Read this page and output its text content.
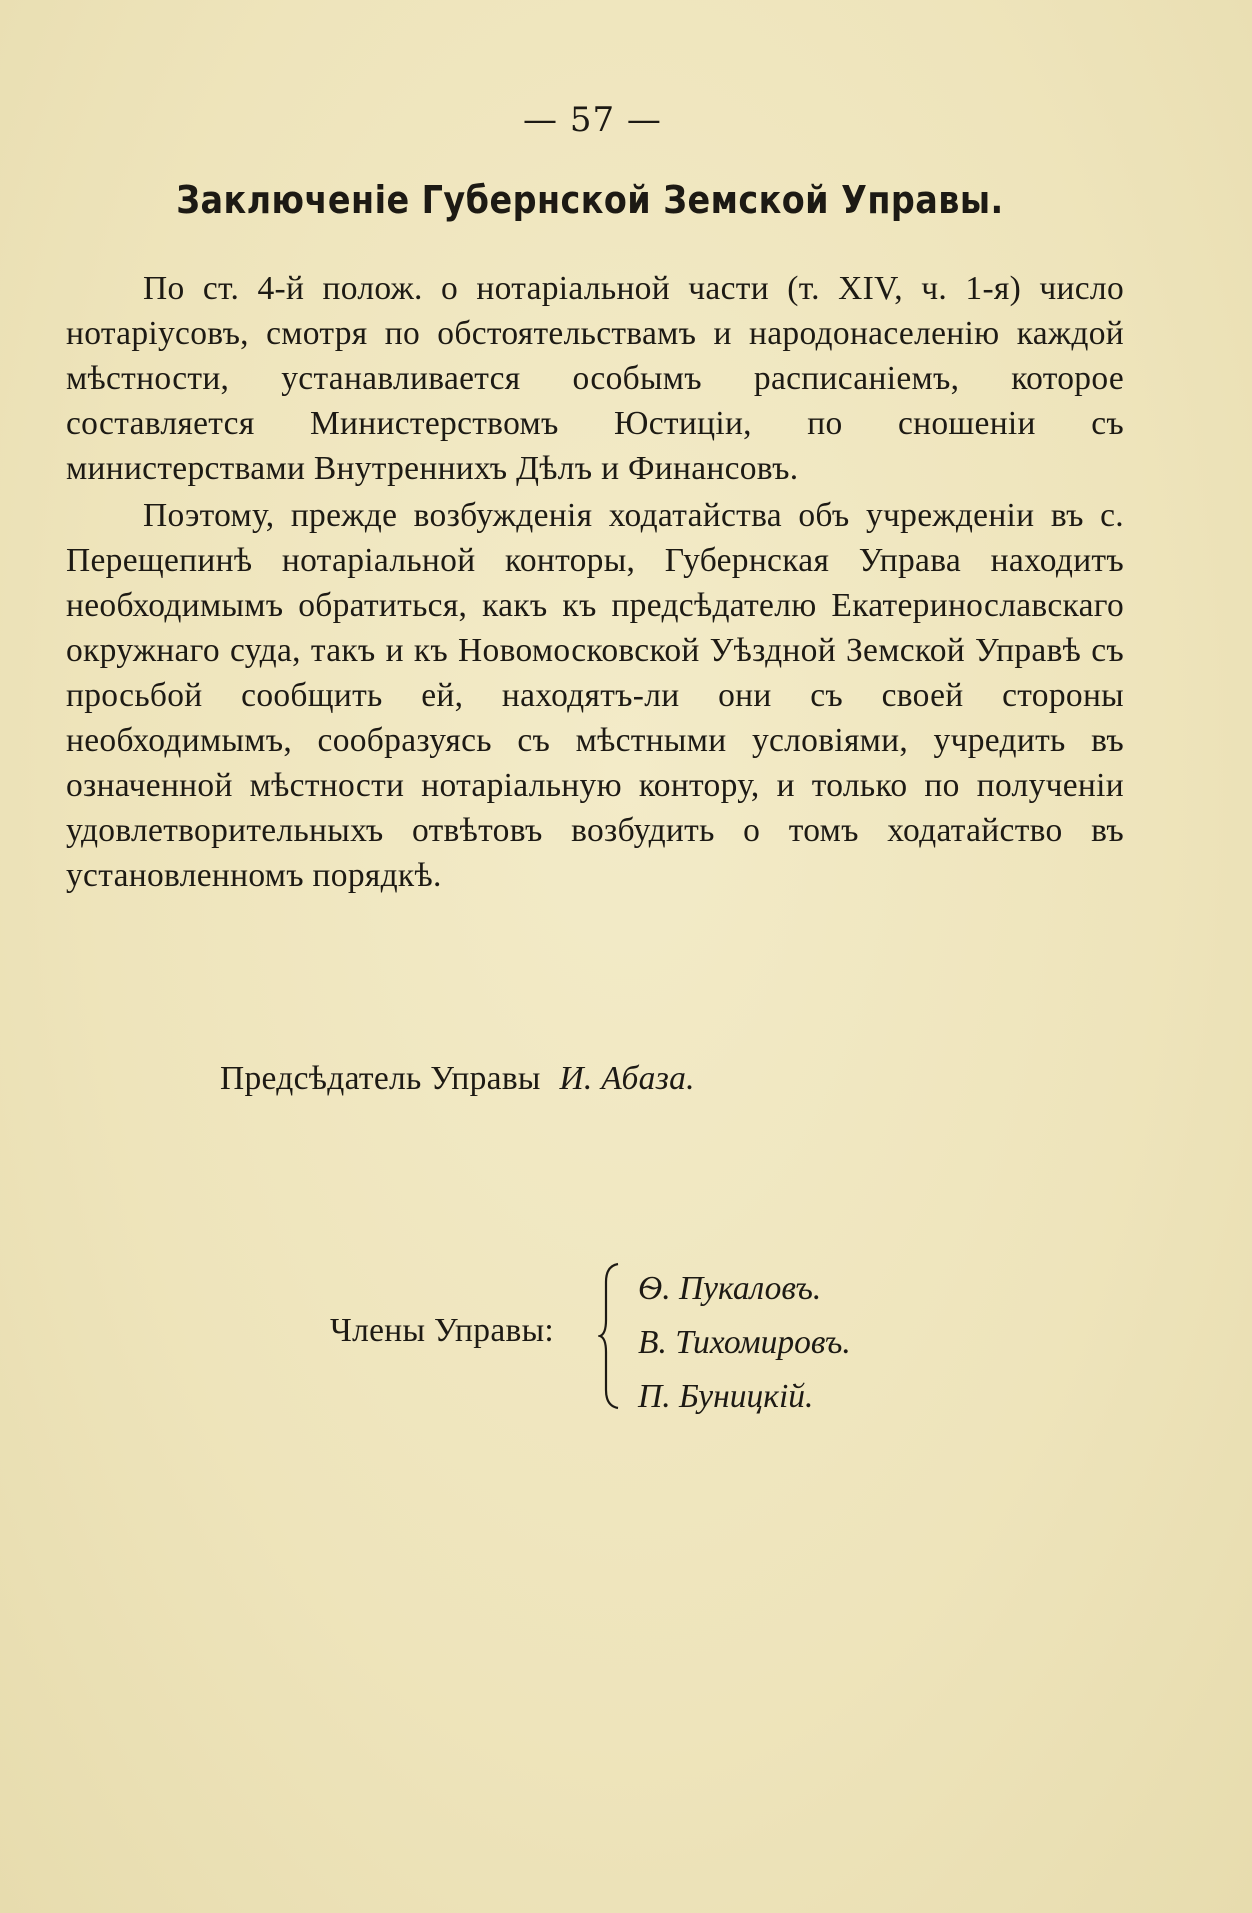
— 57 —
Заключеніе Губернской Земской Управы.

По ст. 4-й полож. о нотаріальной части (т. XIV, ч. 1-я) число нотаріусовъ, смотря по обстоятельствамъ и народонаселенію каждой мѣстности, устанавливается особымъ расписаніемъ, которое составляется Министерствомъ Юстиціи, по сношеніи съ министерствами Внутреннихъ Дѣлъ и Финансовъ.

Поэтому, прежде возбужденія ходатайства объ учрежденіи въ с. Перещепинѣ нотаріальной конторы, Губернская Управа находитъ необходимымъ обратиться, какъ къ предсѣдателю Екатеринославскаго окружнаго суда, такъ и къ Новомосковской Уѣздной Земской Управѣ съ просьбой сообщить ей, находятъ-ли они съ своей стороны необходимымъ, сообразуясь съ мѣстными условіями, учредить въ означенной мѣстности нотаріальную контору, и только по полученіи удовлетворительныхъ отвѣтовъ возбудить о томъ ходатайство въ установленномъ порядкѣ.

Предсѣдатель Управы И. Абаза.
Члены Управы:
Ѳ. Пукаловъ.
В. Тихомировъ.
П. Буницкій.
